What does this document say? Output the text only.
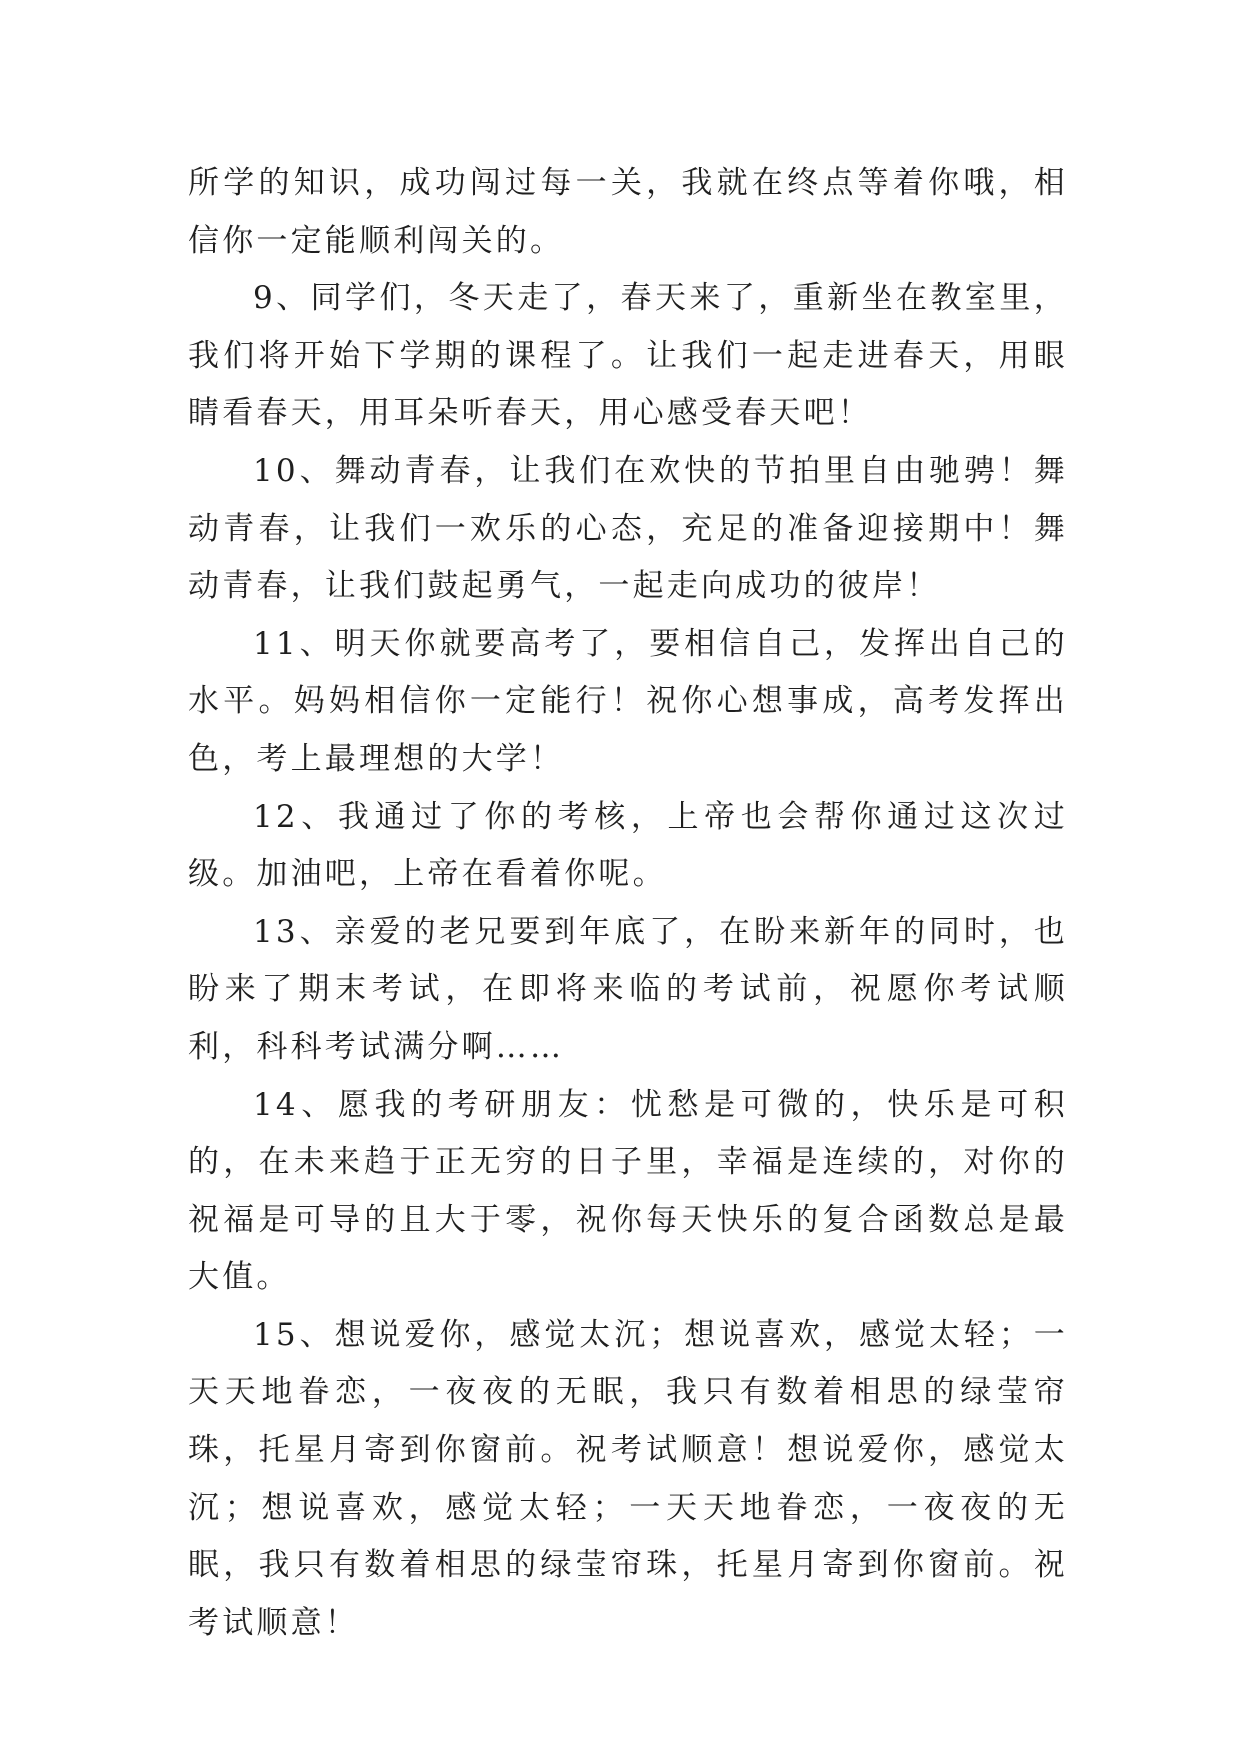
所学的知识，成功闯过每一关，我就在终点等着你哦，相信你一定能顺利闯关的。

9、同学们，冬天走了，春天来了，重新坐在教室里，我们将开始下学期的课程了。让我们一起走进春天，用眼睛看春天，用耳朵听春天，用心感受春天吧！

10、舞动青春，让我们在欢快的节拍里自由驰骋！舞动青春，让我们一欢乐的心态，充足的准备迎接期中！舞动青春，让我们鼓起勇气，一起走向成功的彼岸！

11、明天你就要高考了，要相信自己，发挥出自己的水平。妈妈相信你一定能行！祝你心想事成，高考发挥出色，考上最理想的大学！

12、我通过了你的考核，上帝也会帮你通过这次过级。加油吧，上帝在看着你呢。

13、亲爱的老兄要到年底了，在盼来新年的同时，也盼来了期末考试，在即将来临的考试前，祝愿你考试顺利，科科考试满分啊……

14、愿我的考研朋友：忧愁是可微的，快乐是可积的，在未来趋于正无穷的日子里，幸福是连续的，对你的祝福是可导的且大于零，祝你每天快乐的复合函数总是最大值。

15、想说爱你，感觉太沉；想说喜欢，感觉太轻；一天天地眷恋，一夜夜的无眠，我只有数着相思的绿莹帘珠，托星月寄到你窗前。祝考试顺意！想说爱你，感觉太沉；想说喜欢，感觉太轻；一天天地眷恋，一夜夜的无眠，我只有数着相思的绿莹帘珠，托星月寄到你窗前。祝考试顺意！
